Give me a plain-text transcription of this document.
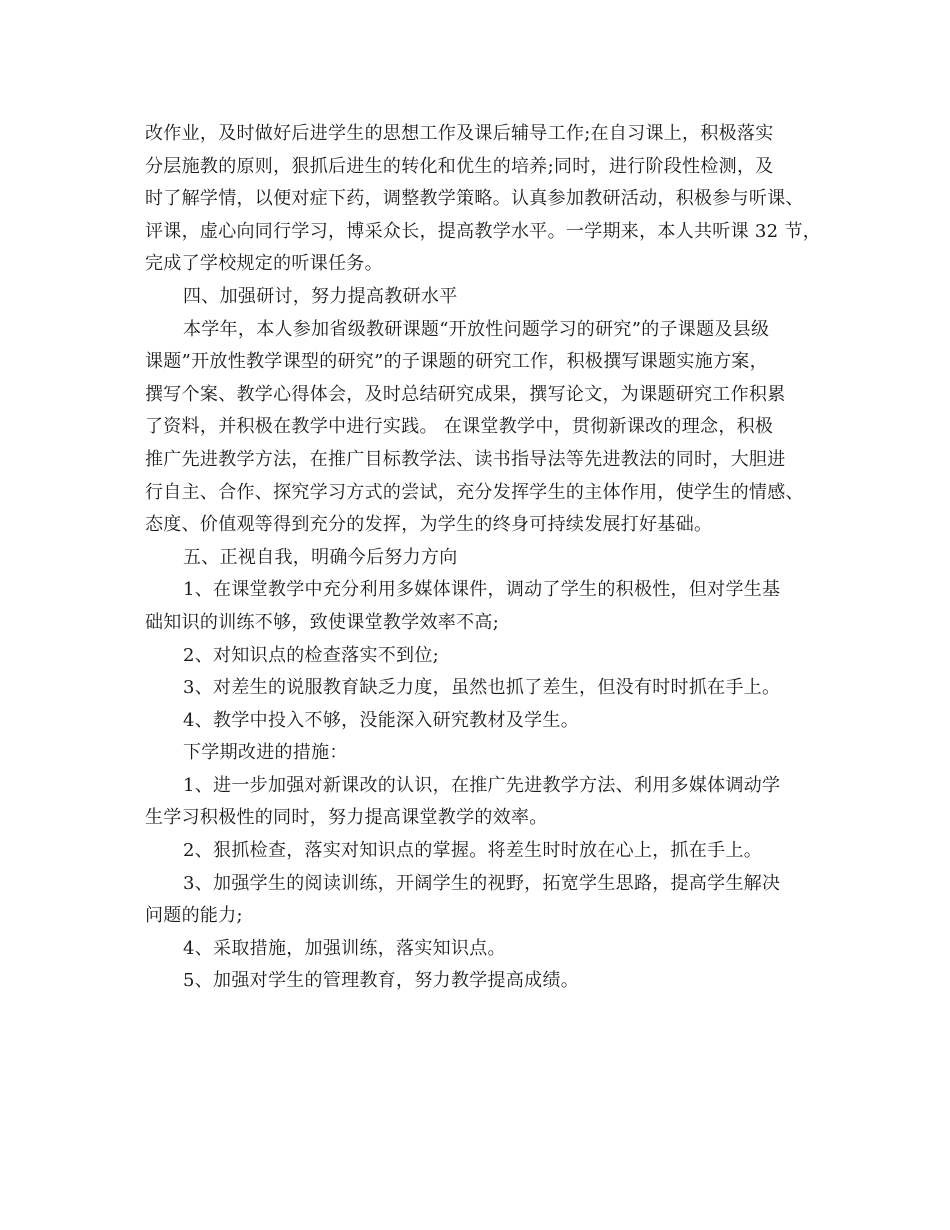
改作业，及时做好后进学生的思想工作及课后辅导工作;在自习课上，积极落实
分层施教的原则，狠抓后进生的转化和优生的培养;同时，进行阶段性检测，及
时了解学情，以便对症下药，调整教学策略。认真参加教研活动，积极参与听课、
评课，虚心向同行学习，博采众长，提高教学水平。一学期来，本人共听课 32 节，
完成了学校规定的听课任务。
四、加强研讨，努力提高教研水平
本学年，本人参加省级教研课题“开放性问题学习的研究”的子课题及县级
课题”开放性教学课型的研究”的子课题的研究工作，积极撰写课题实施方案，
撰写个案、教学心得体会，及时总结研究成果，撰写论文，为课题研究工作积累
了资料，并积极在教学中进行实践。 在课堂教学中，贯彻新课改的理念，积极
推广先进教学方法，在推广目标教学法、读书指导法等先进教法的同时，大胆进
行自主、合作、探究学习方式的尝试，充分发挥学生的主体作用，使学生的情感、
态度、价值观等得到充分的发挥，为学生的终身可持续发展打好基础。
五、正视自我，明确今后努力方向
1、在课堂教学中充分利用多媒体课件，调动了学生的积极性，但对学生基
础知识的训练不够，致使课堂教学效率不高;
2、对知识点的检查落实不到位;
3、对差生的说服教育缺乏力度，虽然也抓了差生，但没有时时抓在手上。
4、教学中投入不够，没能深入研究教材及学生。
下学期改进的措施：
1、进一步加强对新课改的认识，在推广先进教学方法、利用多媒体调动学
生学习积极性的同时，努力提高课堂教学的效率。
2、狠抓检查，落实对知识点的掌握。将差生时时放在心上，抓在手上。
3、加强学生的阅读训练，开阔学生的视野，拓宽学生思路，提高学生解决
问题的能力;
4、采取措施，加强训练，落实知识点。
5、加强对学生的管理教育，努力教学提高成绩。
